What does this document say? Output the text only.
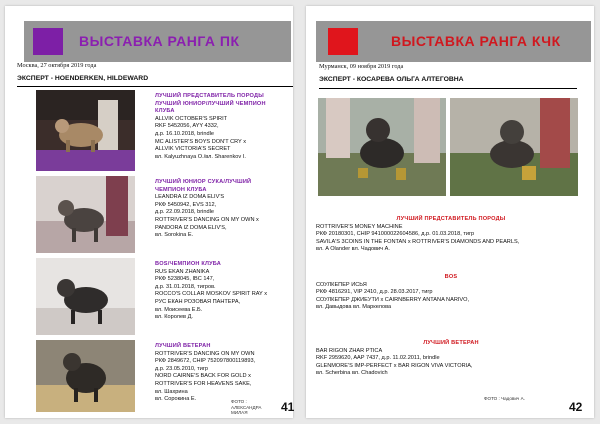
ВЫСТАВКА РАНГА ПК
Москва, 27 октября 2019 года
ЭКСПЕРТ - HOENDERKEN, HILDEWARD
ЛУЧШИЙ ПРЕДСТАВИТЕЛЬ ПОРОДЫ
ЛУЧШИЙ ЮНИОР/ЛУЧШИЙ ЧЕМПИОН
КЛУБА
ALLVIK OCTOBER'S SPIRIT
RKF 5452056, AYY 4332,
д.р. 16.10.2018, brindle
MC ALISTER'S BOYS DON'T CRY x
ALLVIK VICTORIA'S SECRET
вл. Kalyuzhnaya O./вл. Sharenkov I.
ЛУЧШИЙ ЮНИОР СУКА/ЛУЧШИЙ
ЧЕМПИОН КЛУБА
LEANDRA IZ DOMA ELIV'S
РКФ 5450942, EVS 312,
д.р. 22.09.2018, brindle
ROTTRIVER'S DANCING ON MY OWN x
PANDORA IZ DOMA ELIV'S,
вл. Sorokina E.
BOS/ЧЕМПИОН КЛУБА
RUS EKAN ZHANIKA
РКФ 5238045, IBC 147,
д.р. 31.01.2018, тигров.
ROCCO'S COLLAR MOSKOV SPIRIT RAY x
РУС ЕКАН РОЗОВАЯ ПАНТЕРА,
вл. Моисеева Е.Б.
вл. Королев Д.
ЛУЧШИЙ ВЕТЕРАН
ROTTRIVER'S DANCING ON MY OWN
РКФ 2849672, CHIP 752097800119893,
д.р. 23.05.2010, тигр
NORD CAIRNE'S BACK FOR GOLD x
ROTTRIVER'S FOR HEAVENS SAKE,
вл. Шахрина
вл. Сорокина Е.	ФОТО : АЛЕКСАНДРА МИЛАЯ	41
ВЫСТАВКА РАНГА КЧК
Мурманск, 09 ноября 2019 года
ЭКСПЕРТ - КОСАРЕВА ОЛЬГА АЛТЕГОВНА
ЛУЧШИЙ ПРЕДСТАВИТЕЛЬ ПОРОДЫ
ROTTRIVER'S MONEY MACHINE
РКФ 20180301, CHIP 941000022604586, д.р. 01.03.2018, тигр
SAVILA'S 3COINS IN THE FONTAN x ROTTRIVER'S DIAMONDS AND PEARLS,
вл. A Olander вл. Чадович А.
BOS
СОУЛКЕПЕР ИСЬЯ
РКФ 4816291, VIP 2410, д.р. 28.03.2017, тигр
СОУЛКЕПЕР ДЖИЕУТИ x CAIRNBERRY ANTANA NARIVO,
вл. Давыдова вл. Маркелова
ЛУЧШИЙ ВЕТЕРАН
BAR RIGON ZHAR PTICA
RKF 2959620, AAP 7437, д.р. 11.02.2011, brindle
GLENMORE'S IMP-PERFECT x BAR RIGON VIVA VICTORIA,
вл. Scherbina вл. Chadovich
ФОТО : Чадович А.
42
